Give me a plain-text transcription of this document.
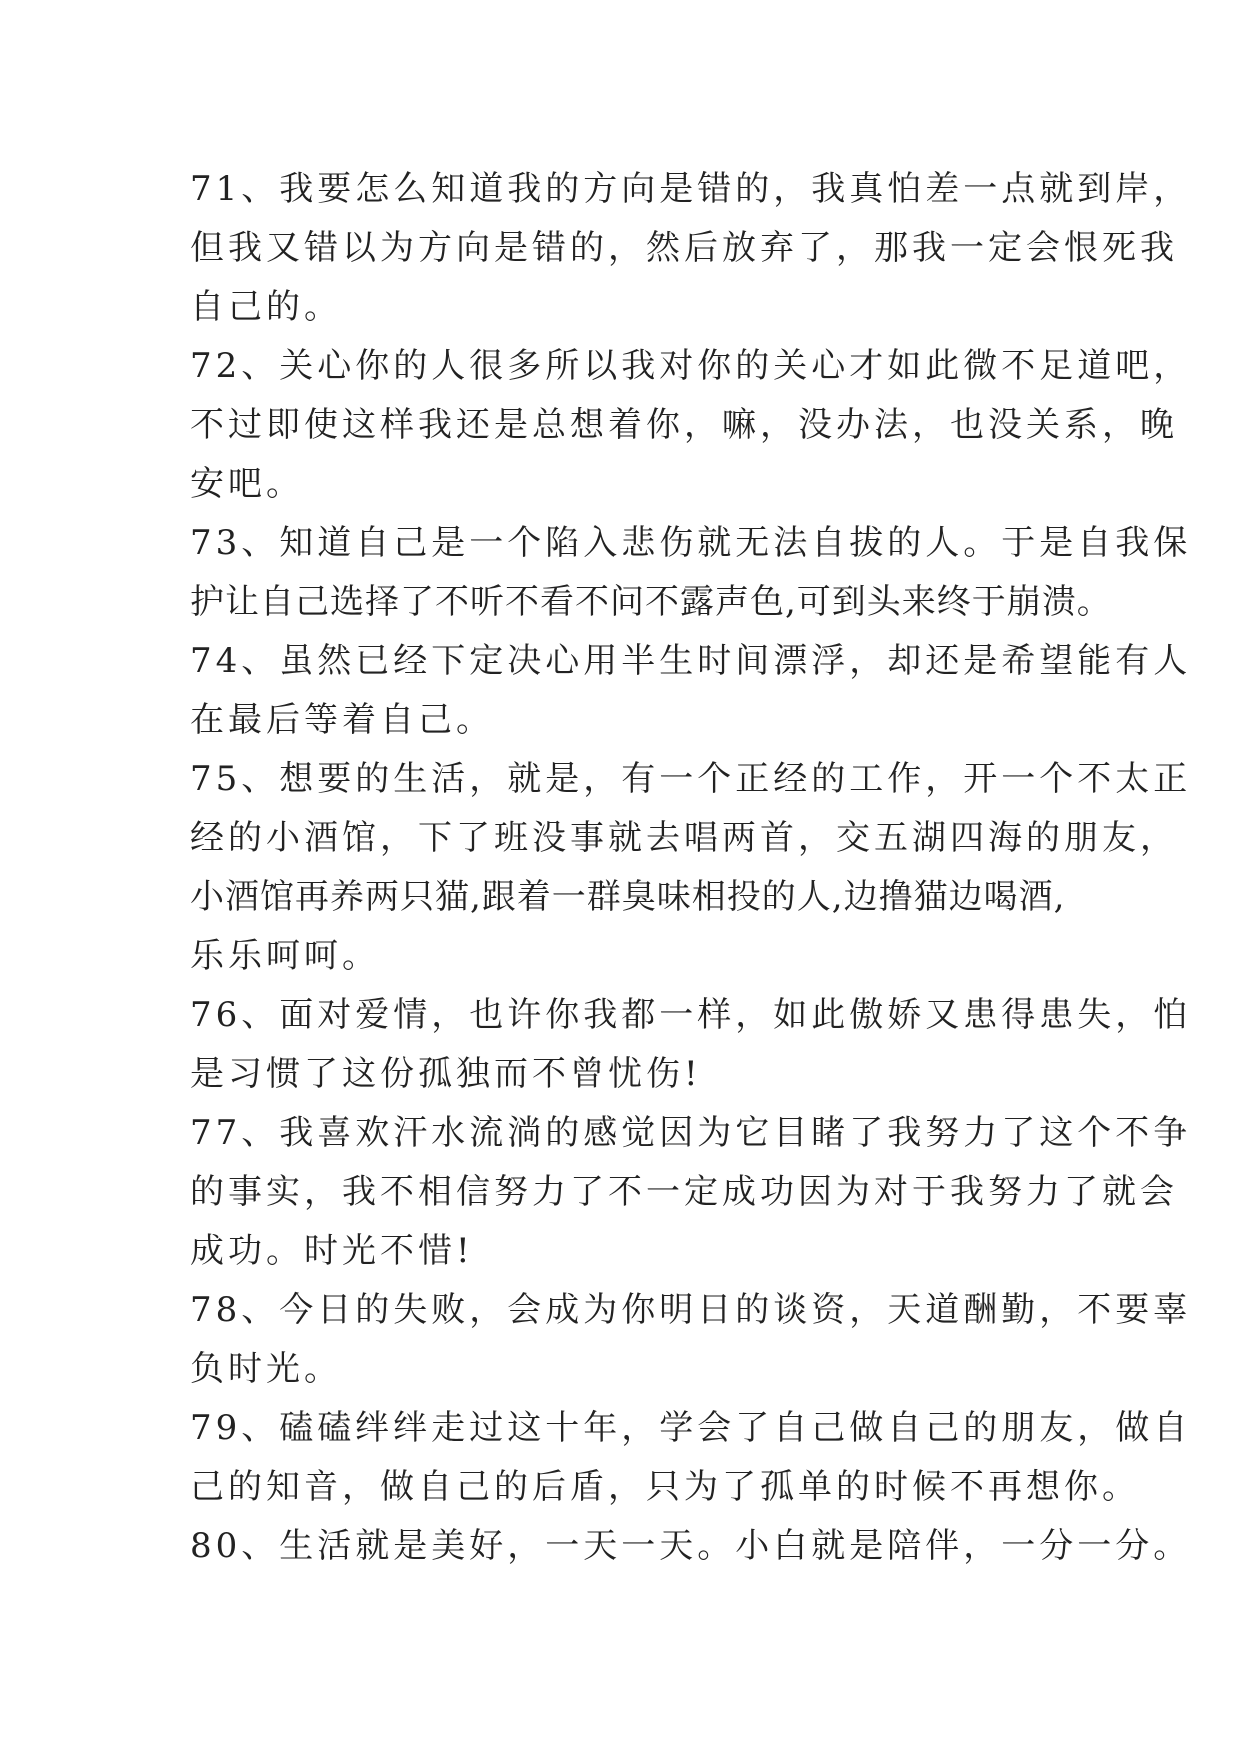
71、我要怎么知道我的方向是错的，我真怕差一点就到岸，
但我又错以为方向是错的，然后放弃了，那我一定会恨死我
自己的。
72、关心你的人很多所以我对你的关心才如此微不足道吧，
不过即使这样我还是总想着你，嘛，没办法，也没关系，晚
安吧。
73、知道自己是一个陷入悲伤就无法自拔的人。于是自我保
护让自己选择了不听不看不问不露声色,可到头来终于崩溃。
74、虽然已经下定决心用半生时间漂浮，却还是希望能有人
在最后等着自己。
75、想要的生活，就是，有一个正经的工作，开一个不太正
经的小酒馆，下了班没事就去唱两首，交五湖四海的朋友，
小酒馆再养两只猫,跟着一群臭味相投的人,边撸猫边喝酒,
乐乐呵呵。
76、面对爱情，也许你我都一样，如此傲娇又患得患失，怕
是习惯了这份孤独而不曾忧伤!
77、我喜欢汗水流淌的感觉因为它目睹了我努力了这个不争
的事实，我不相信努力了不一定成功因为对于我努力了就会
成功。时光不惜!
78、今日的失败，会成为你明日的谈资，天道酬勤，不要辜
负时光。
79、磕磕绊绊走过这十年，学会了自己做自己的朋友，做自
己的知音，做自己的后盾，只为了孤单的时候不再想你。
80、生活就是美好，一天一天。小白就是陪伴，一分一分。
